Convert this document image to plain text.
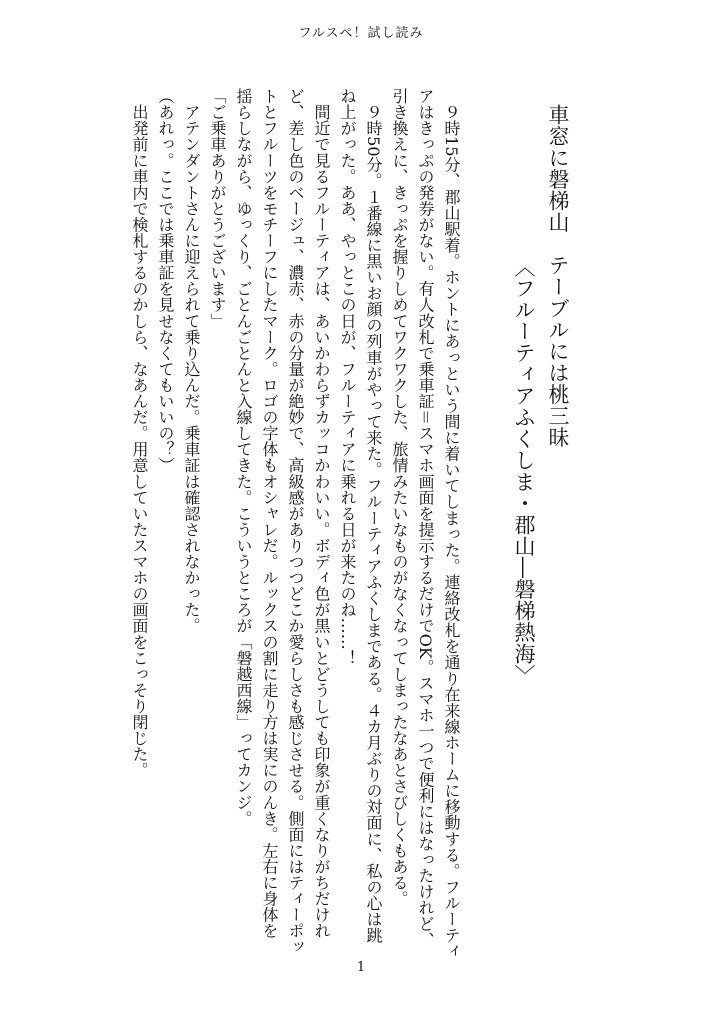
フルスペ！試し読み
車窓に磐梯山　テーブルには桃三昧
〈フルーティアふくしま・郡山―磐梯熱海〉
　９時15分、郡山駅着。ホントにあっという間に着いてしまった。連絡改札を通り在来線ホームに移動する。フルーティ
アはきっぷの発券がない。有人改札で乗車証＝スマホ画面を提示するだけでOK。スマホ一つで便利にはなったけれど、
引き換えに、きっぷを握りしめてワクワクした、旅情みたいなものがなくなってしまったなあとさびしくもある。
　９時50分。１番線に黒いお顔の列車がやって来た。フルーティアふくしまである。４カ月ぶりの対面に、私の心は跳
ね上がった。ああ、やっとこの日が、フルーティアに乗れる日が来たのね……！
　間近で見るフルーティアは、あいかわらずカッコかわいい。ボディ色が黒いとどうしても印象が重くなりがちだけれ
ど、差し色のベージュ、濃赤、赤の分量が絶妙で、高級感がありつつどこか愛らしさも感じさせる。側面にはティーポッ
トとフルーツをモチーフにしたマーク。ロゴの字体もオシャレだ。ルックスの割に走り方は実にのんき。左右に身体を
揺らしながら、ゆっくり、ごとんごとんと入線してきた。こういうところが「磐越西線」ってカンジ。
「ご乗車ありがとうございます」
　アテンダントさんに迎えられて乗り込んだ。乗車証は確認されなかった。
（あれっ。ここでは乗車証を見せなくてもいいの？）
　出発前に車内で検札するのかしら、なあんだ。用意していたスマホの画面をこっそり閉じた。
1
